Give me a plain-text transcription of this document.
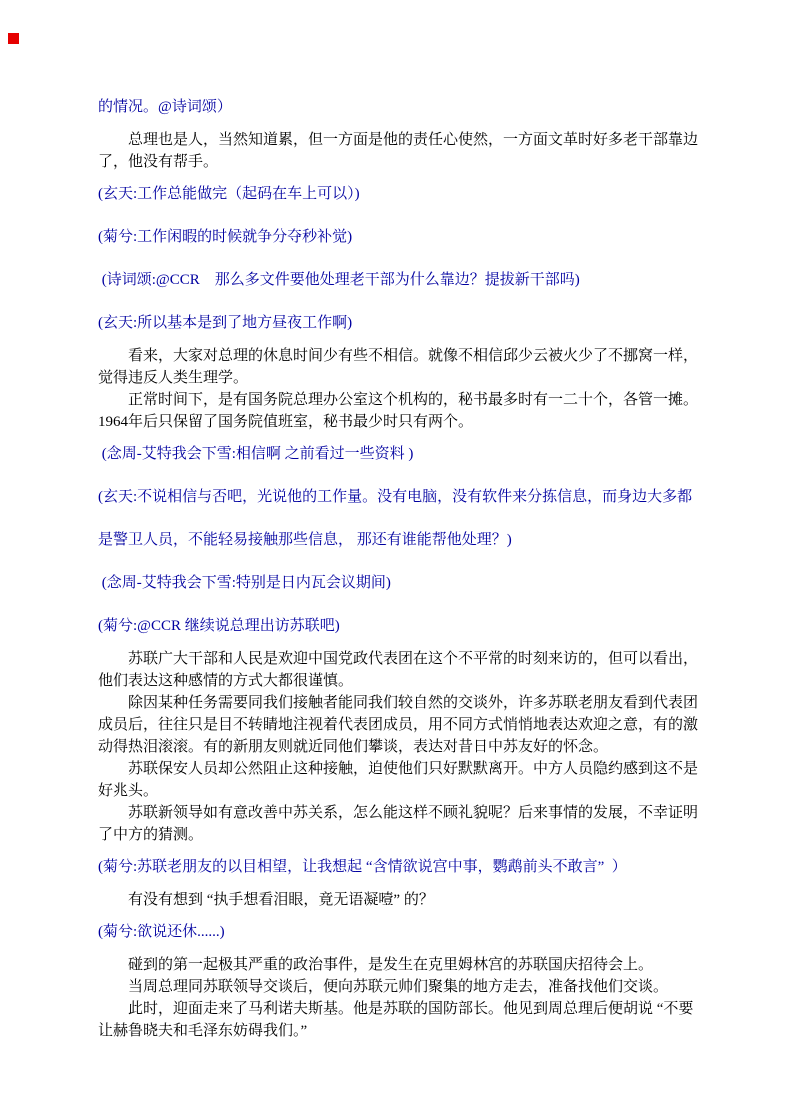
的情况。@诗词颂）

总理也是人，当然知道累，但一方面是他的责任心使然，一方面文革时好多老干部靠边了，他没有帮手。

(玄天:工作总能做完（起码在车上可以）)

(菊兮:工作闲暇的时候就争分夺秒补觉)

(诗词颂:@CCR　那么多文件要他处理老干部为什么靠边？提拔新干部吗)

(玄天:所以基本是到了地方昼夜工作啊)

看来，大家对总理的休息时间少有些不相信。就像不相信邱少云被火少了不挪窝一样，觉得违反人类生理学。

正常时间下，是有国务院总理办公室这个机构的，秘书最多时有一二十个，各管一摊。1964年后只保留了国务院值班室，秘书最少时只有两个。

(念周-艾特我会下雪:相信啊 之前看过一些资料 )

(玄天:不说相信与否吧，光说他的工作量。没有电脑，没有软件来分拣信息，而身边大多都是警卫人员，不能轻易接触那些信息， 那还有谁能帮他处理？)

(念周-艾特我会下雪:特别是日内瓦会议期间)

(菊兮:@CCR 继续说总理出访苏联吧)

苏联广大干部和人民是欢迎中国党政代表团在这个不平常的时刻来访的，但可以看出，他们表达这种感情的方式大都很谨慎。

除因某种任务需要同我们接触者能同我们较自然的交谈外，许多苏联老朋友看到代表团成员后，往往只是目不转睛地注视着代表团成员，用不同方式悄悄地表达欢迎之意，有的激动得热泪滚滚。有的新朋友则就近同他们攀谈，表达对昔日中苏友好的怀念。

苏联保安人员却公然阻止这种接触，迫使他们只好默默离开。中方人员隐约感到这不是好兆头。

苏联新领导如有意改善中苏关系，怎么能这样不顾礼貌呢？后来事情的发展，不幸证明了中方的猜测。

(菊兮:苏联老朋友的以目相望，让我想起 “含情欲说宫中事，鹦鹉前头不敢言”  ）

有没有想到 “执手想看泪眼，竟无语凝噎” 的？

(菊兮:欲说还休......)

碰到的第一起极其严重的政治事件，是发生在克里姆林宫的苏联国庆招待会上。

当周总理同苏联领导交谈后，便向苏联元帅们聚集的地方走去，准备找他们交谈。

此时，迎面走来了马利诺夫斯基。他是苏联的国防部长。他见到周总理后便胡说 “不要让赫鲁晓夫和毛泽东妨碍我们。”
